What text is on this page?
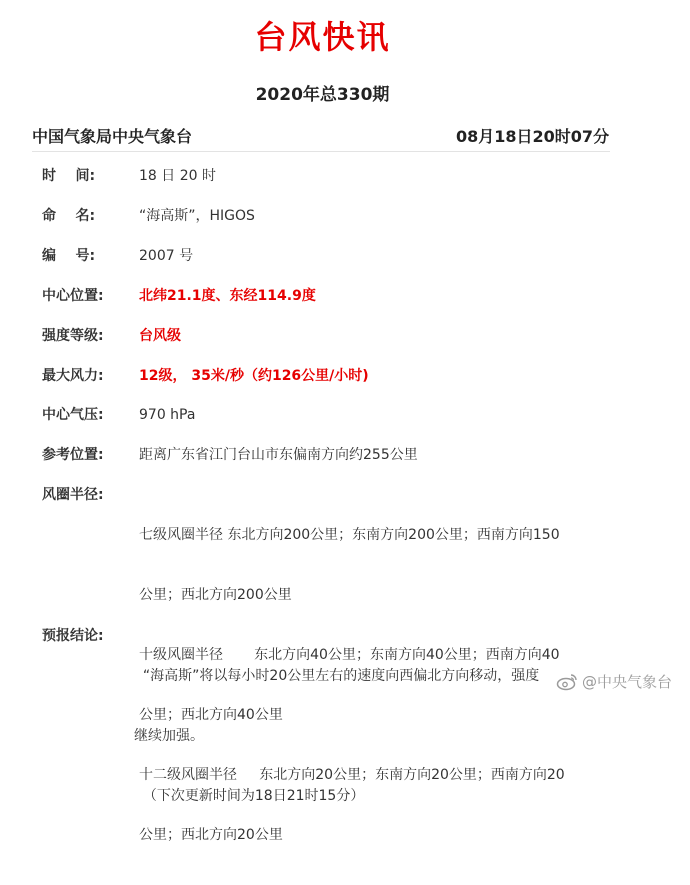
台风快讯
2020年总330期
中国气象局中央气象台	08月18日20时07分
时    间:	18 日 20 时
命    名:	“海高斯”，HIGOS
编    号:	2007 号
中心位置:	北纬21.1度、东经114.9度
强度等级:	台风级
最大风力:	12级， 35米/秒（约126公里/小时)
中心气压:	970 hPa
参考位置:	距离广东省江门台山市东偏南方向约255公里
风圈半径:

七级风圈半径 东北方向200公里；东南方向200公里；西南方向150

公里；西北方向200公里

十级风圈半径       东北方向40公里；东南方向40公里；西南方向40

公里；西北方向40公里

十二级风圈半径     东北方向20公里；东南方向20公里；西南方向20

公里；西北方向20公里

预报结论:

“海高斯”将以每小时20公里左右的速度向西偏北方向移动，强度

继续加强。

（下次更新时间为18日21时15分）

@中央气象台
